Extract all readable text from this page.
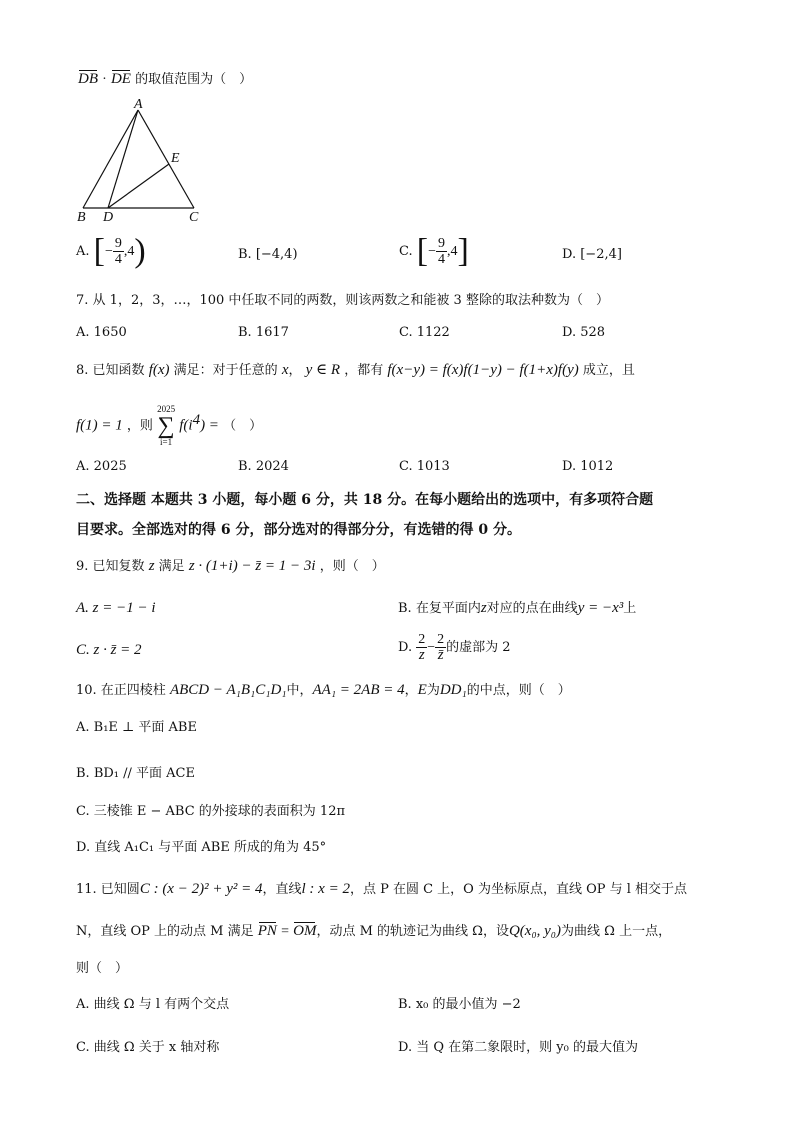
DB · DE 的取值范围为（　）
A
E
B D	C
A. [− $\frac{9}{4} ,4$)	B. [−4,4)	C. [− $\frac{9}{4} ,4$]	D. [−2,4]
7. 从 1，2，3，…，100 中任取不同的两数，则该两数之和能被 3 整除的取法种数为（　）
A. 1650	B. 1617	C. 1122	D. 528
8. 已知函数 f(x) 满足：对于任意的 x， y ∈ R ，都有 f(x−y) = f(x)f(1−y) − f(1+x)f(y) 成立，且
f(1) = 1 ，则
2025
∑
i=1
$f(i^4)$ = （　）
A. 2025	B. 2024	C. 1013	D. 1012
二、选择题 本题共 3 小题，每小题 6 分，共 18 分。在每小题给出的选项中，有多项符合题
目要求。全部选对的得 6 分，部分选对的得部分分，有选错的得 0 分。
9. 已知复数 z 满足 z · (1+i) − z̄ = 1 − 3i ，则（　）
A. z = −1 − i	B. 在复平面内z对应的点在曲线y = −x³上
C. z · z̄ = 2	D. $\frac{2}{z} - \frac{2}{z̄}$ 的虚部为 2
10. 在正四棱柱 ABCD − A₁B₁C₁D₁中，AA₁ = 2AB = 4，E为DD₁的中点，则（　）
A. B₁E ⊥ 平面 ABE
B. BD₁ // 平面 ACE
C. 三棱锥 E − ABC 的外接球的表面积为 12π
D. 直线 A₁C₁ 与平面 ABE 所成的角为 45°
11. 已知圆C : (x − 2)² + y² = 4，直线l : x = 2，点 P 在圆 C 上，O 为坐标原点，直线 OP 与 l 相交于点
N，直线 OP 上的动点 M 满足 PN = OM，动点 M 的轨迹记为曲线 Ω，设Q(x₀, y₀)为曲线 Ω 上一点，
则（　）
A. 曲线 Ω 与 l 有两个交点	B. x₀ 的最小值为 −2
C. 曲线 Ω 关于 x 轴对称	D. 当 Q 在第二象限时，则 y₀ 的最大值为
